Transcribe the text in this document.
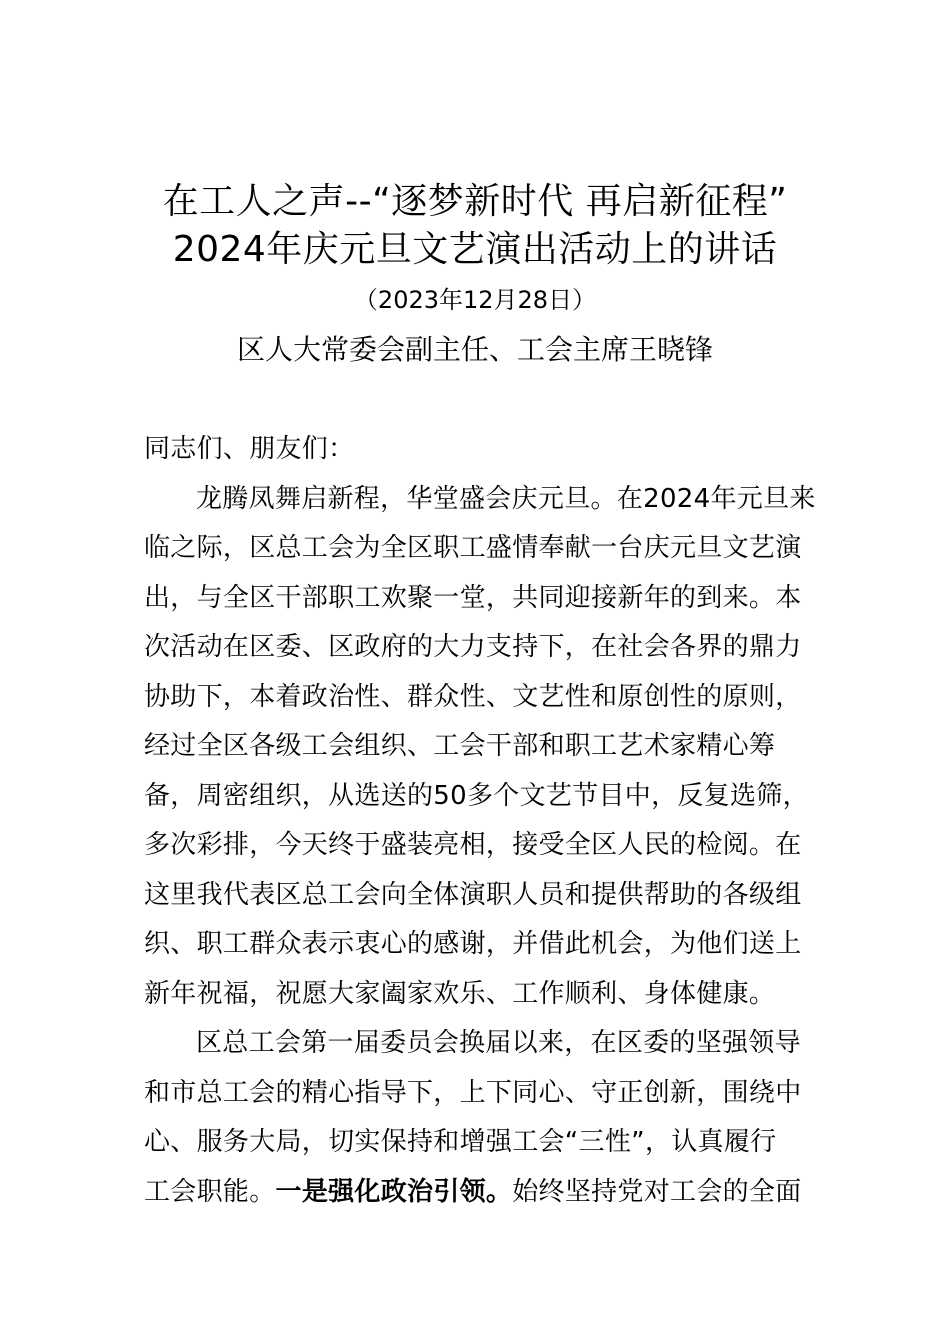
在工人之声--“逐梦新时代 再启新征程”
2024年庆元旦文艺演出活动上的讲话
（2023年12月28日）
区人大常委会副主任、工会主席王晓锋
同志们、朋友们：
龙腾凤舞启新程，华堂盛会庆元旦。在2024年元旦来
临之际，区总工会为全区职工盛情奉献一台庆元旦文艺演
出，与全区干部职工欢聚一堂，共同迎接新年的到来。本
次活动在区委、区政府的大力支持下，在社会各界的鼎力
协助下，本着政治性、群众性、文艺性和原创性的原则，
经过全区各级工会组织、工会干部和职工艺术家精心筹
备，周密组织，从选送的50多个文艺节目中，反复选筛，
多次彩排，今天终于盛装亮相，接受全区人民的检阅。在
这里我代表区总工会向全体演职人员和提供帮助的各级组
织、职工群众表示衷心的感谢，并借此机会，为他们送上
新年祝福，祝愿大家阖家欢乐、工作顺利、身体健康。
区总工会第一届委员会换届以来，在区委的坚强领导
和市总工会的精心指导下，上下同心、守正创新，围绕中
心、服务大局，切实保持和增强工会“三性”，认真履行
工会职能。一是强化政治引领。始终坚持党对工会的全面
